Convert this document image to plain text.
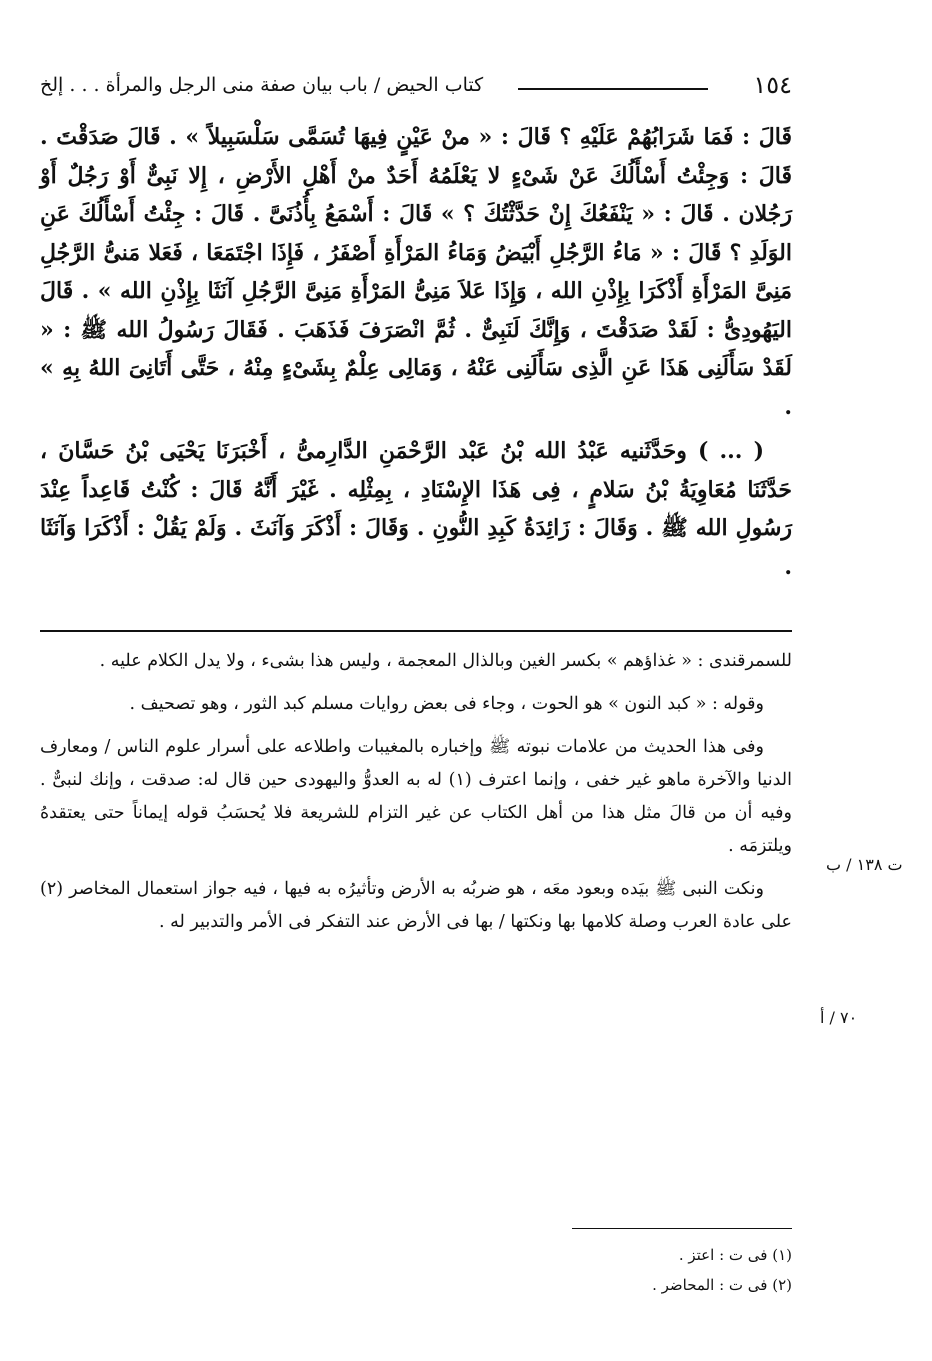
١٥٤
كتاب الحيض / باب بيان صفة منى الرجل والمرأة . . . إلخ

قَالَ : فَمَا شَرَابُهُمْ عَلَيْهِ ؟ قَالَ : « منْ عَيْنٍ فِيهَا تُسَمَّى سَلْسَبِيلاً » . قَالَ صَدَقْتَ . قَالَ : وَجِئْتُ أَسْأَلُكَ عَنْ شَىْءٍ لا يَعْلَمُهُ أَحَدٌ منْ أَهْلِ الأَرْضِ ، إِلا نَبِىٌّ أَوْ رَجُلٌ أَوْ رَجُلان . قَالَ : « يَنْفَعُكَ إِنْ حَدَّثْتُكَ ؟ » قَالَ : أَسْمَعُ بِأُذُنَىَّ . قَالَ : جِئْتُ أَسْأَلُكَ عَنِ الوَلَدِ ؟ قَالَ : « مَاءُ الرَّجُلِ أَبْيَضُ وَمَاءُ المَرْأَةِ أَصْفَرُ ، فَإِذَا اجْتَمَعَا ، فَعَلا مَنىُّ الرَّجُلِ مَنِىَّ المَرْأَةِ أَذْكَرَا بِإِذْنِ الله ، وَإِذَا عَلاَ مَنِىُّ المَرْأَةِ مَنِىَّ الرَّجُلِ آنَثَا بِإِذْنِ الله » . قَالَ اليَهُودِىُّ : لَقَدْ صَدَقْتَ ، وَإِنَّكَ لَنَبِىٌّ . ثُمَّ انْصَرَفَ فَذَهَبَ . فَقَالَ رَسُولُ الله ﷺ : « لَقَدْ سَأَلَنِى هَذَا عَنِ الَّذِى سَأَلَنِى عَنْهُ ، وَمَالِى عِلْمٌ بِشَىْءٍ مِنْهُ ، حَتَّى أَتَانِىَ اللهُ بِهِ » .

( ... ) وحَدَّثَنيه عَبْدُ الله بْنُ عَبْد الرَّحْمَنِ الدَّارِمىُّ ، أَخْبَرَنَا يَحْيَى بْنُ حَسَّانَ ، حَدَّثَنَا مُعَاوِيَةُ بْنُ سَلامٍ ، فِى هَذَا الإِسْنَادِ ، بِمِثْلِه . غَيْرَ أَنَّهُ قَالَ : كُنْتُ قَاعِداً عِنْدَ رَسُولِ الله ﷺ . وَقَالَ : زَائِدَةُ كَبِدِ النُّونِ . وَقَالَ : أَذْكَرَ وَآنَثَ . وَلَمْ يَقُلْ : أَذْكَرَا وَآنَثَا .

للسمرقندى : « غذاؤهم » بكسر الغين وبالذال المعجمة ، وليس هذا بشىء ، ولا يدل الكلام عليه .

وقوله : « كبد النون » هو الحوت ، وجاء فى بعض روايات مسلم كبد الثور ، وهو تصحيف .

وفى هذا الحديث من علامات نبوته ﷺ وإخباره بالمغيبات واطلاعه على أسرار علوم الناس / ومعارف الدنيا والآخرة ماهو غير خفى ، وإنما اعترف (١) له به العدوُّ واليهودى حين قال له: صدقت ، وإنك لنبىٌّ . وفيه أن من قالَ مثل هذا من أهل الكتاب عن غير التزام للشريعة فلا يُحسَبُ قوله إيماناً حتى يعتقدهُ ويلتزمَه .

ونكت النبى ﷺ بيَده وبعود معَه ، هو ضربُه به الأرض وتأثيرُه به فيها ، فيه جواز استعمال المخاصر (٢) على عادة العرب وصلة كلامها بها ونكتها / بها فى الأرض عند التفكر فى الأمر والتدبير له .

ت ١٣٨ / ب
٧٠ / أ
(١) فى ت : اعتز .
(٢) فى ت : المحاضر .
